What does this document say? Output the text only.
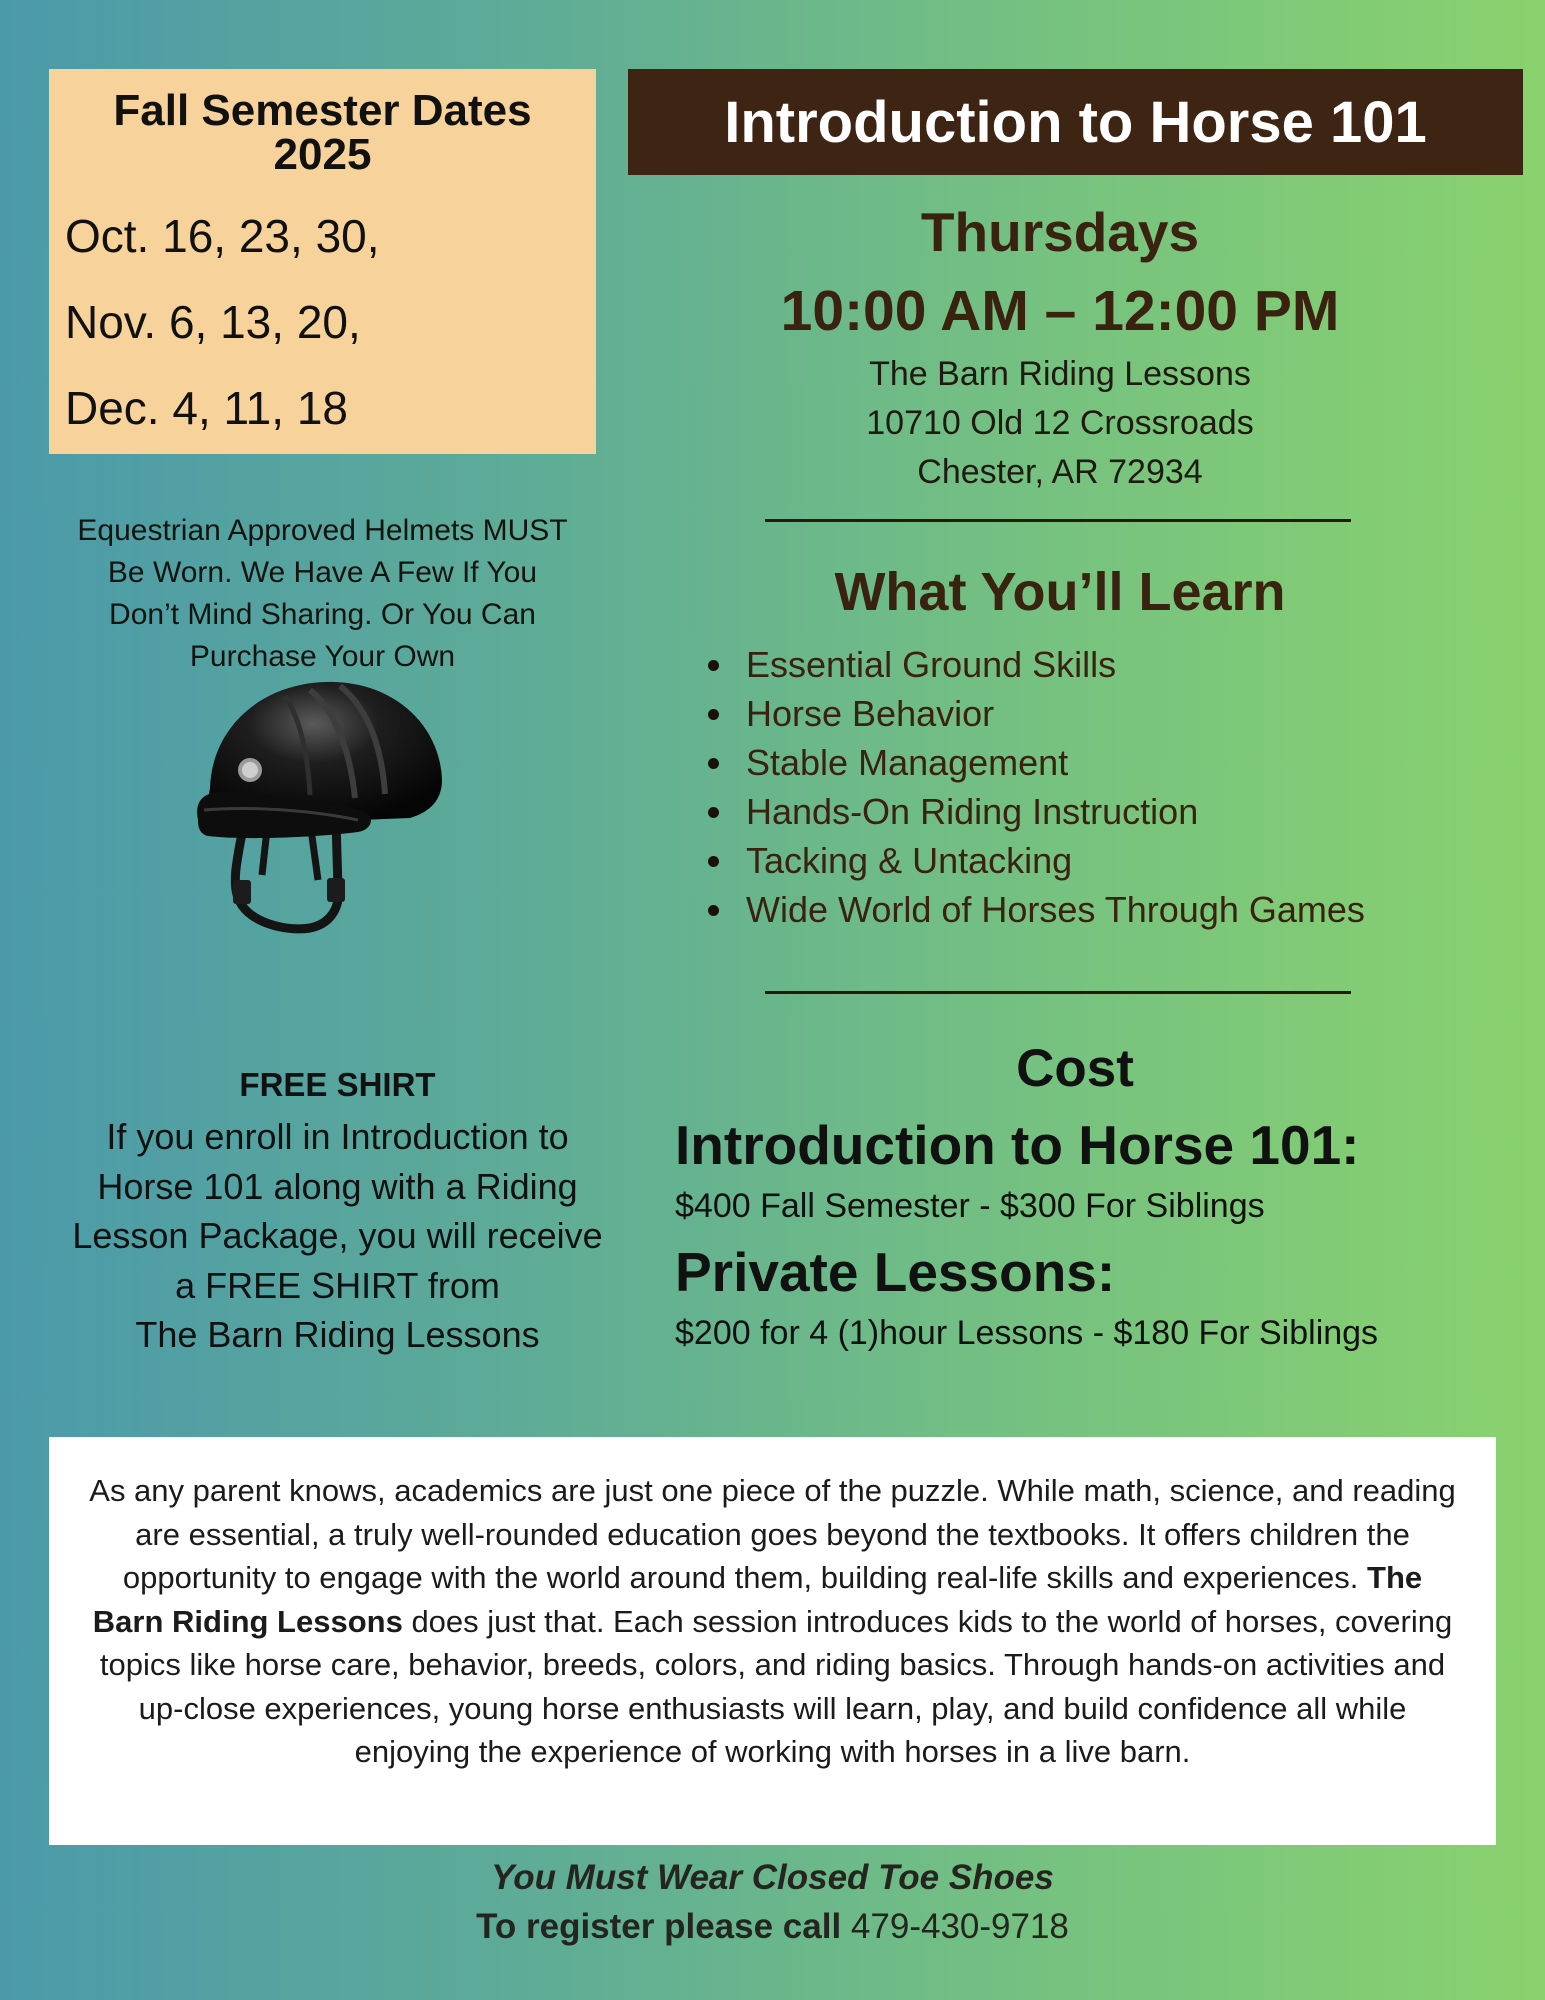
Fall Semester Dates
2025
Oct. 16, 23, 30,
Nov. 6, 13, 20,
Dec. 4, 11, 18
Introduction to Horse 101
Thursdays
10:00 AM – 12:00 PM
The Barn Riding Lessons
10710 Old 12 Crossroads
Chester, AR 72934
What You’ll Learn
Essential Ground Skills
Horse Behavior
Stable Management
Hands-On Riding Instruction
Tacking & Untacking
Wide World of Horses Through Games
Equestrian Approved Helmets MUST
Be Worn. We Have A Few If You
Don’t Mind Sharing. Or You Can
Purchase Your Own
FREE SHIRT
If you enroll in Introduction to
Horse 101 along with a Riding
Lesson Package, you will receive
a FREE SHIRT from
The Barn Riding Lessons
Cost
Introduction to Horse 101:
$400 Fall Semester - $300 For Siblings
Private Lessons:
$200 for 4 (1)hour Lessons - $180 For Siblings
As any parent knows, academics are just one piece of the puzzle. While math, science, and reading are essential, a truly well-rounded education goes beyond the textbooks. It offers children the opportunity to engage with the world around them, building real-life skills and experiences. The Barn Riding Lessons does just that. Each session introduces kids to the world of horses, covering topics like horse care, behavior, breeds, colors, and riding basics. Through hands-on activities and up-close experiences, young horse enthusiasts will learn, play, and build confidence all while enjoying the experience of working with horses in a live barn.
You Must Wear Closed Toe Shoes
To register please call 479-430-9718
